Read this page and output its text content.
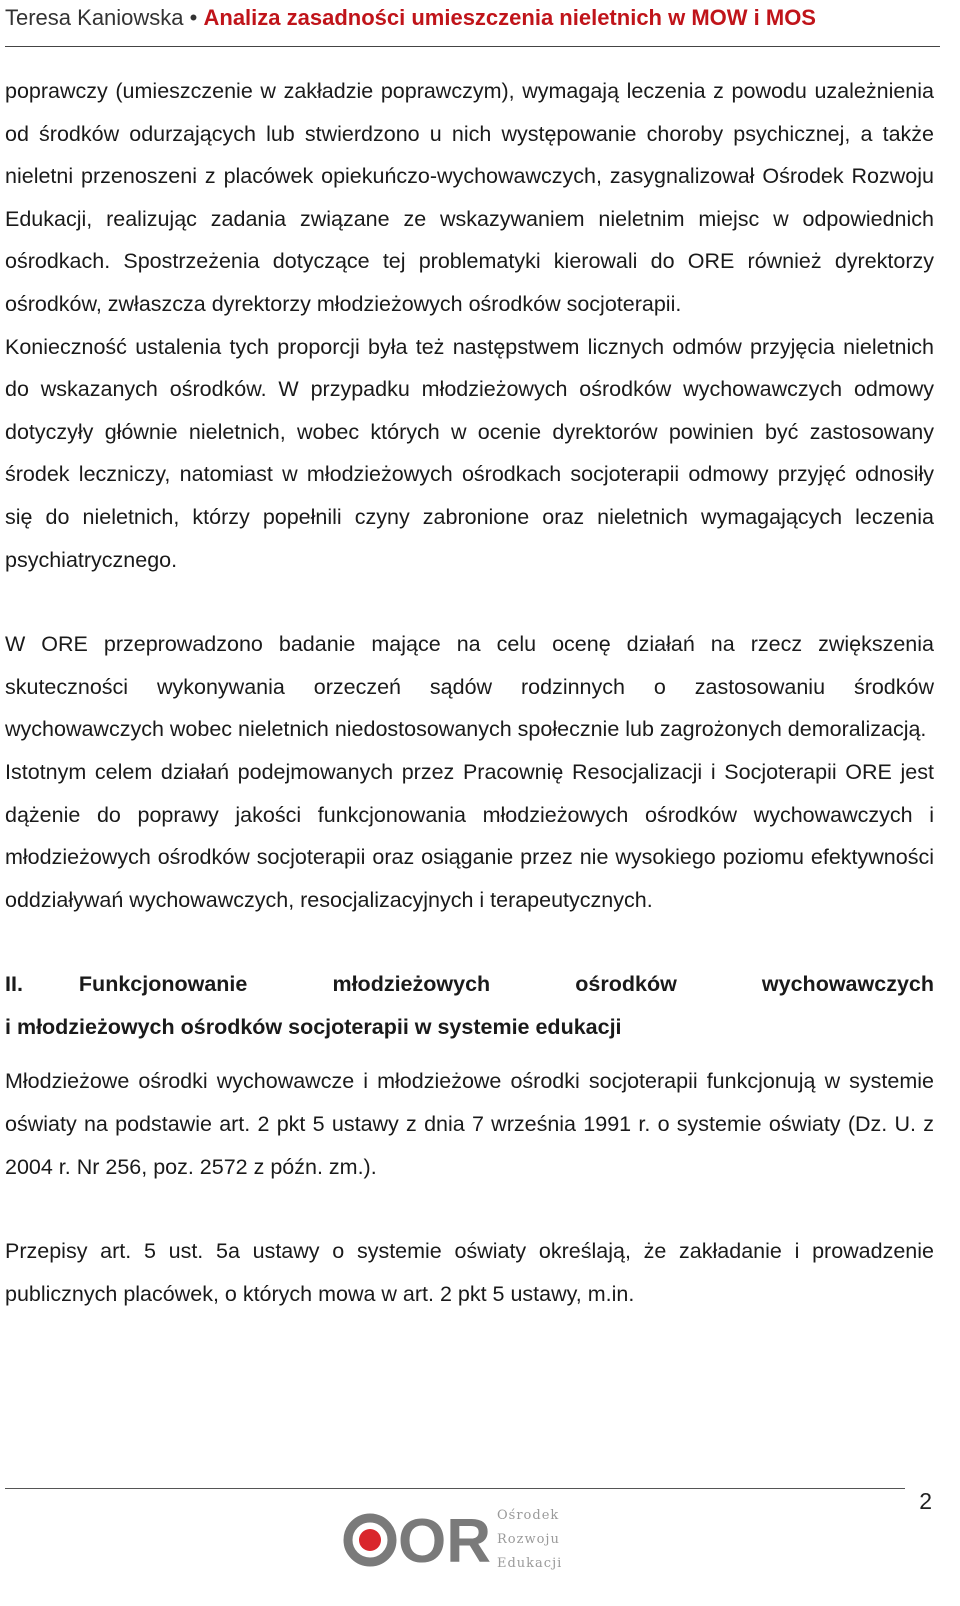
Teresa Kaniowska • Analiza zasadności umieszczenia nieletnich w MOW i MOS

poprawczy (umieszczenie w zakładzie poprawczym), wymagają leczenia z powodu uzależnienia od środków odurzających lub stwierdzono u nich występowanie choroby psychicznej, a także nieletni przenoszeni z placówek opiekuńczo-wychowawczych, zasygnalizował Ośrodek Rozwoju Edukacji, realizując zadania związane ze wskazywaniem nieletnim miejsc w odpowiednich ośrodkach. Spostrzeżenia dotyczące tej problematyki kierowali do ORE również dyrektorzy ośrodków, zwłaszcza dyrektorzy młodzieżowych ośrodków socjoterapii.

Konieczność ustalenia tych proporcji była też następstwem licznych odmów przyjęcia nieletnich do wskazanych ośrodków. W przypadku młodzieżowych ośrodków wychowawczych odmowy dotyczyły głównie nieletnich, wobec których w ocenie dyrektorów powinien być zastosowany środek leczniczy, natomiast w młodzieżowych ośrodkach socjoterapii odmowy przyjęć odnosiły się do nieletnich, którzy popełnili czyny zabronione oraz nieletnich wymagających leczenia psychiatrycznego.

W ORE przeprowadzono badanie mające na celu ocenę działań na rzecz zwiększenia skuteczności wykonywania orzeczeń sądów rodzinnych o zastosowaniu środków wychowawczych wobec nieletnich niedostosowanych społecznie lub zagrożonych demoralizacją.

Istotnym celem działań podejmowanych przez Pracownię Resocjalizacji i Socjoterapii ORE jest dążenie do poprawy jakości funkcjonowania młodzieżowych ośrodków wychowawczych i młodzieżowych ośrodków socjoterapii oraz osiąganie przez nie wysokiego poziomu efektywności oddziaływań wychowawczych, resocjalizacyjnych i terapeutycznych.

II.	Funkcjonowanie młodzieżowych ośrodków wychowawczych
i młodzieżowych ośrodków socjoterapii w systemie edukacji

Młodzieżowe ośrodki wychowawcze i młodzieżowe ośrodki socjoterapii funkcjonują w systemie oświaty na podstawie art. 2 pkt 5 ustawy z dnia 7 września 1991 r. o systemie oświaty (Dz. U. z 2004 r. Nr 256, poz. 2572 z późn. zm.).

Przepisy art. 5 ust. 5a ustawy o systemie oświaty określają, że zakładanie i prowadzenie publicznych placówek, o których mowa w art. 2 pkt 5 ustawy, m.in.

2
OR Ośrodek
Rozwoju
Edukacji
